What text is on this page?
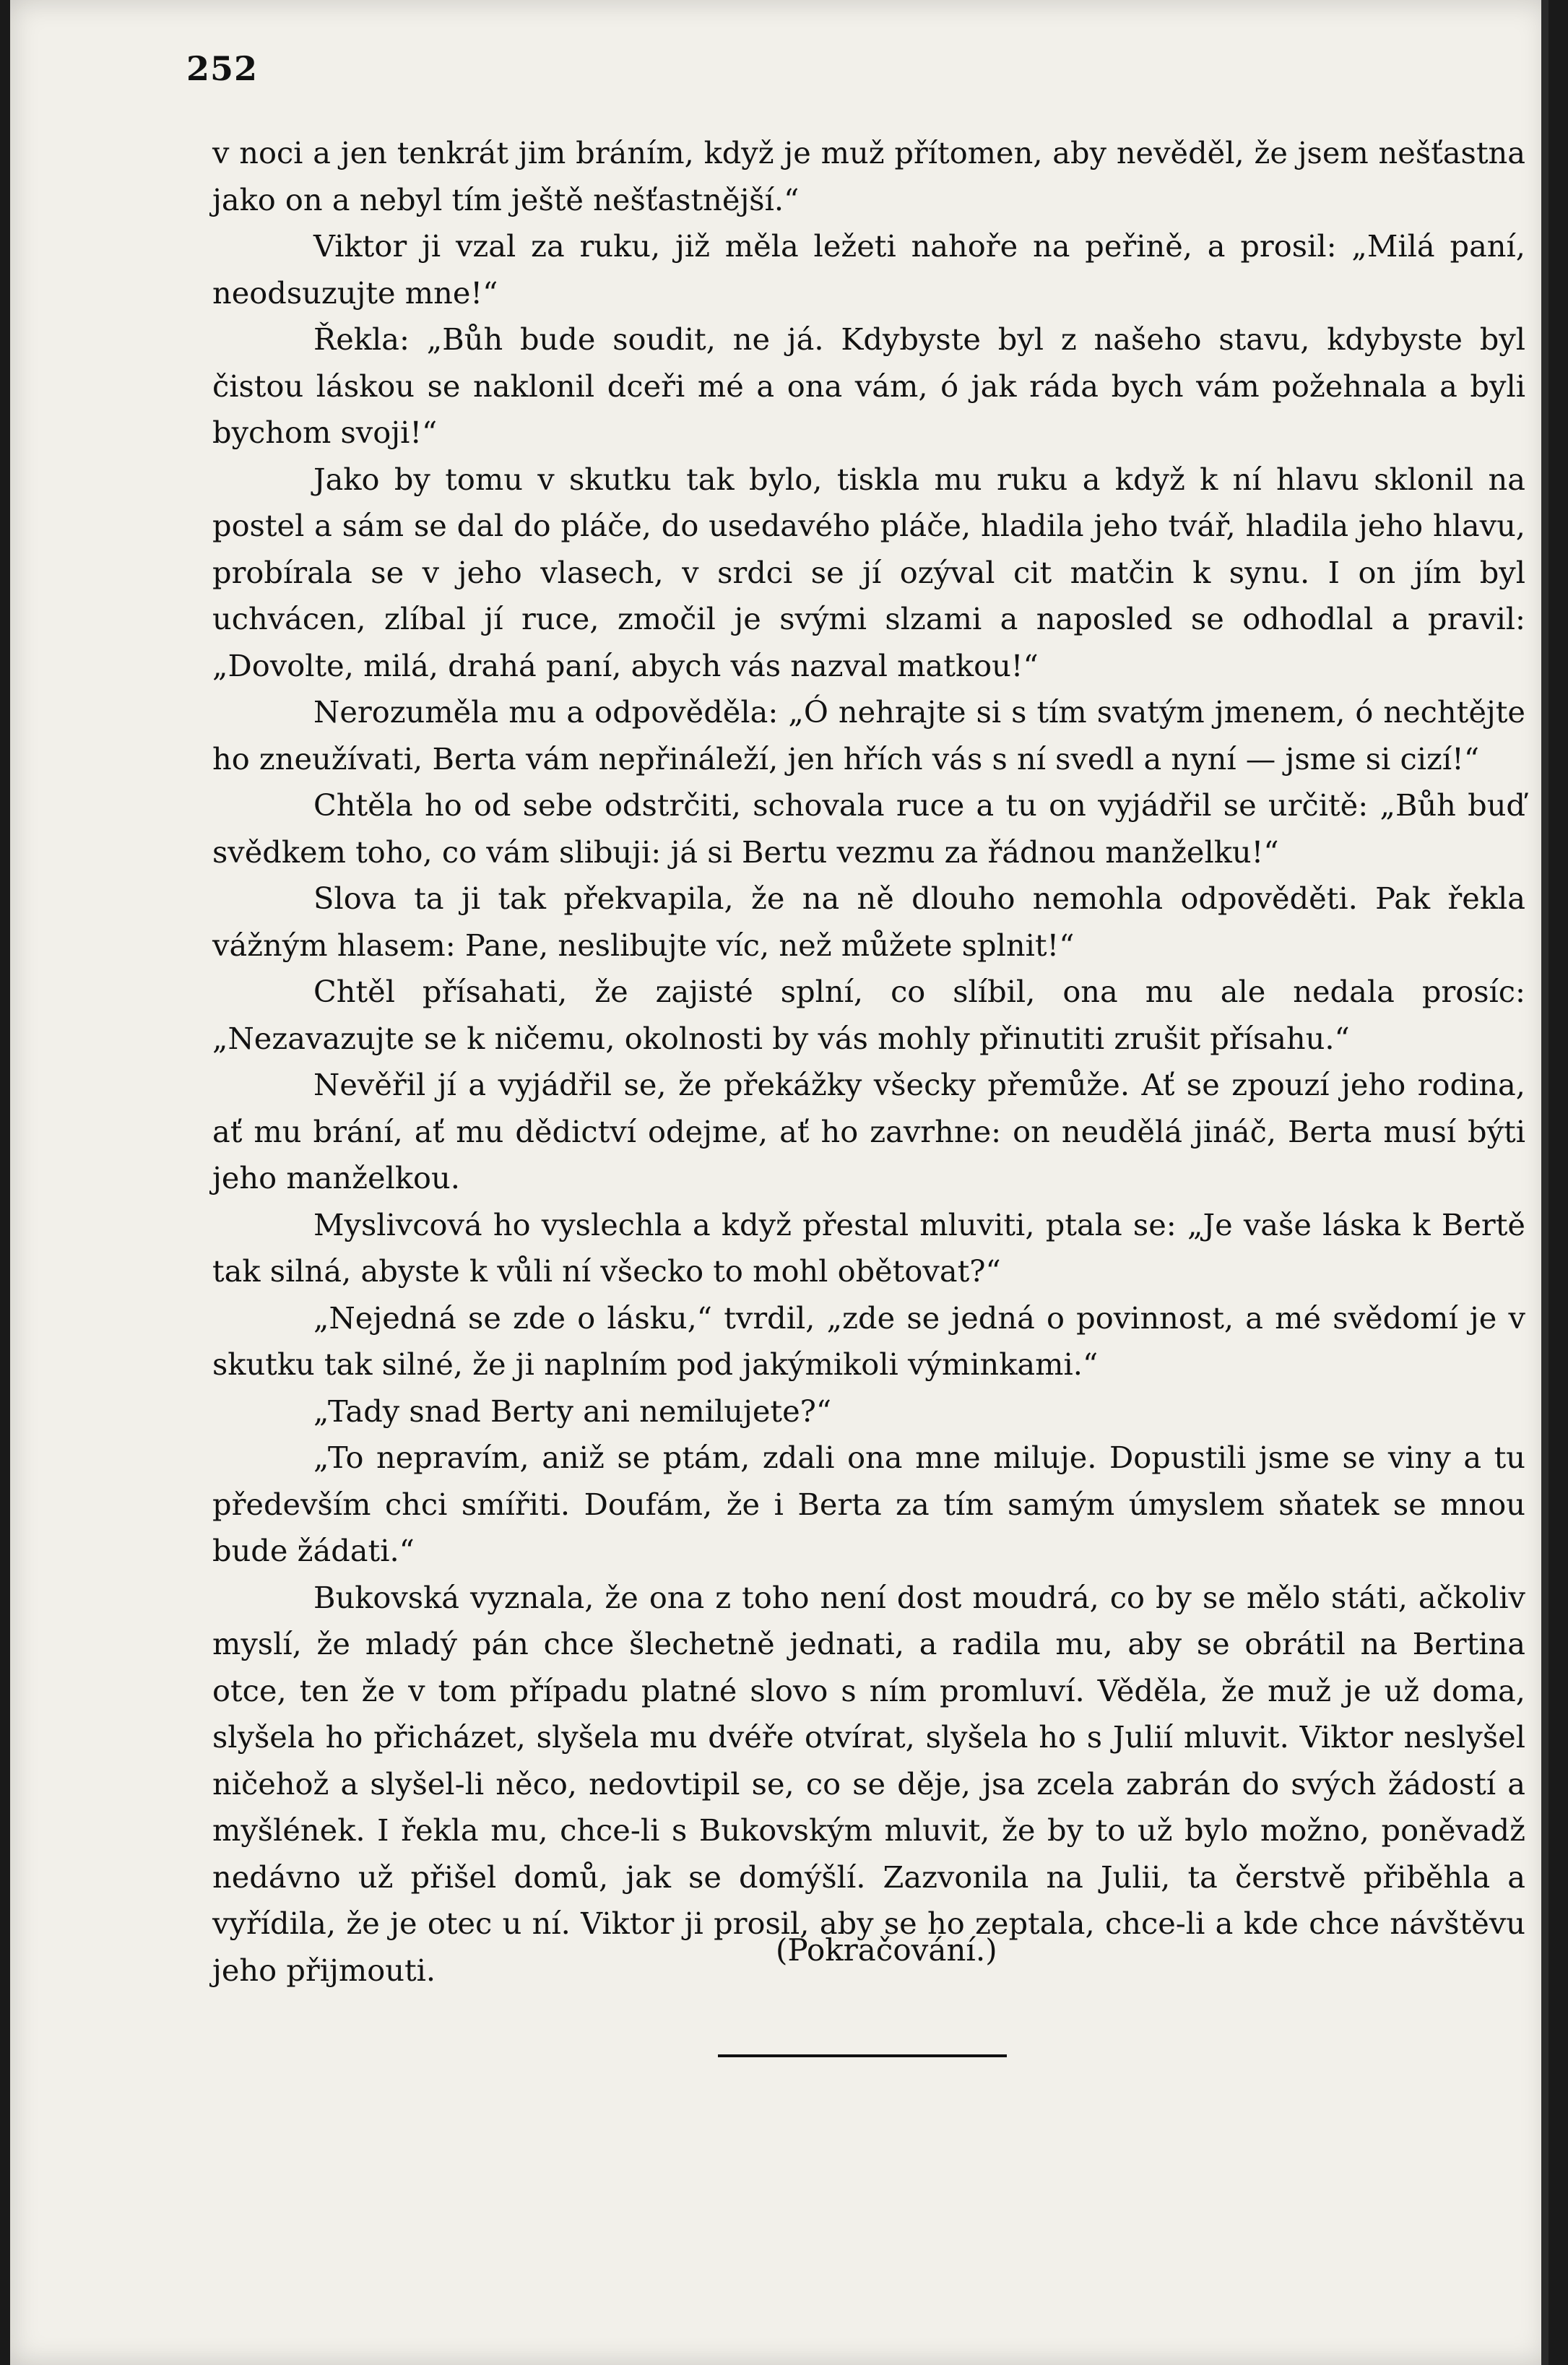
252

v noci a jen tenkrát jim bráním, když je muž přítomen, aby nevěděl, že jsem nešťastna jako on a nebyl tím ještě nešťastnější.“

Viktor ji vzal za ruku, již měla ležeti nahoře na peřině, a prosil: „Milá paní, neodsuzujte mne!“

Řekla: „Bůh bude soudit, ne já. Kdybyste byl z našeho stavu, kdybyste byl čistou láskou se naklonil dceři mé a ona vám, ó jak ráda bych vám požehnala a byli bychom svoji!“

Jako by tomu v skutku tak bylo, tiskla mu ruku a když k ní hlavu sklonil na postel a sám se dal do pláče, do usedavého pláče, hladila jeho tvář, hladila jeho hlavu, probírala se v jeho vlasech, v srdci se jí ozýval cit matčin k synu. I on jím byl uchvácen, zlíbal jí ruce, zmočil je svými slzami a naposled se odhodlal a pravil: „Dovolte, milá, drahá paní, abych vás nazval matkou!“

Nerozuměla mu a odpověděla: „Ó nehrajte si s tím svatým jmenem, ó nechtějte ho zneužívati, Berta vám nepřináleží, jen hřích vás s ní svedl a nyní — jsme si cizí!“

Chtěla ho od sebe odstrčiti, schovala ruce a tu on vyjádřil se určitě: „Bůh buď svědkem toho, co vám slibuji: já si Bertu vezmu za řádnou manželku!“

Slova ta ji tak překvapila, že na ně dlouho nemohla odpověděti. Pak řekla vážným hlasem: Pane, neslibujte víc, než můžete splnit!“

Chtěl přísahati, že zajisté splní, co slíbil, ona mu ale nedala prosíc: „Nezavazujte se k ničemu, okolnosti by vás mohly přinutiti zrušit přísahu.“

Nevěřil jí a vyjádřil se, že překážky všecky přemůže. Ať se zpouzí jeho rodina, ať mu brání, ať mu dědictví odejme, ať ho zavrhne: on neudělá jináč, Berta musí býti jeho manželkou.

Myslivcová ho vyslechla a když přestal mluviti, ptala se: „Je vaše láska k Bertě tak silná, abyste k vůli ní všecko to mohl obětovat?“

„Nejedná se zde o lásku,“ tvrdil, „zde se jedná o povinnost, a mé svědomí je v skutku tak silné, že ji naplním pod jakýmikoli výminkami.“

„Tady snad Berty ani nemilujete?“

„To nepravím, aniž se ptám, zdali ona mne miluje. Dopustili jsme se viny a tu především chci smířiti. Doufám, že i Berta za tím samým úmyslem sňatek se mnou bude žádati.“

Bukovská vyznala, že ona z toho není dost moudrá, co by se mělo státi, ačkoliv myslí, že mladý pán chce šlechetně jednati, a radila mu, aby se obrátil na Bertina otce, ten že v tom případu platné slovo s ním promluví. Věděla, že muž je už doma, slyšela ho přicházet, slyšela mu dvéře otvírat, slyšela ho s Julií mluvit. Viktor neslyšel ničehož a slyšel-li něco, nedovtipil se, co se děje, jsa zcela zabrán do svých žádostí a myšlének. I řekla mu, chce-li s Bukovským mluvit, že by to už bylo možno, poněvadž nedávno už přišel domů, jak se domýšlí. Zazvonila na Julii, ta čerstvě přiběhla a vyřídila, že je otec u ní. Viktor ji prosil, aby se ho zeptala, chce-li a kde chce návštěvu jeho přijmouti.

(Pokračování.)
